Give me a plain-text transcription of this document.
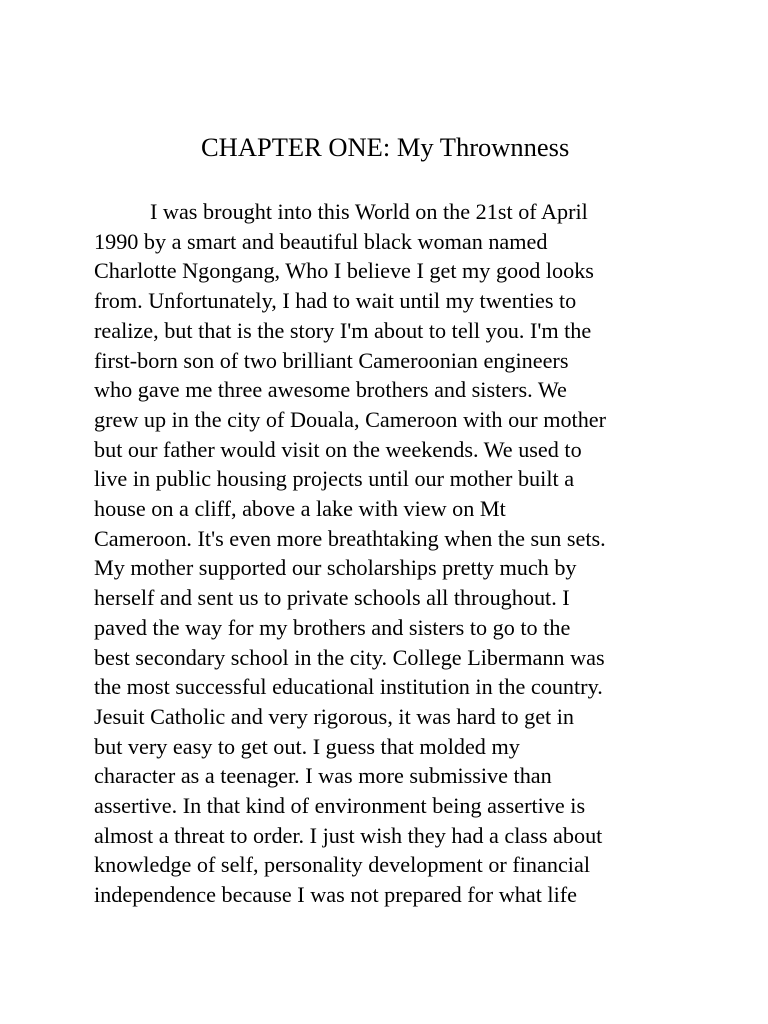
CHAPTER ONE: My Thrownness
I was brought into this World on the 21st of April
1990 by a smart and beautiful black woman named
Charlotte Ngongang, Who I believe I get my good looks
from. Unfortunately, I had to wait until my twenties to
realize, but that is the story I'm about to tell you. I'm the
first-born son of two brilliant Cameroonian engineers
who gave me three awesome brothers and sisters. We
grew up in the city of Douala, Cameroon with our mother
but our father would visit on the weekends. We used to
live in public housing projects until our mother built a
house on a cliff, above a lake with view on Mt
Cameroon. It's even more breathtaking when the sun sets.
My mother supported our scholarships pretty much by
herself and sent us to private schools all throughout. I
paved the way for my brothers and sisters to go to the
best secondary school in the city. College Libermann was
the most successful educational institution in the country.
Jesuit Catholic and very rigorous, it was hard to get in
but very easy to get out. I guess that molded my
character as a teenager. I was more submissive than
assertive. In that kind of environment being assertive is
almost a threat to order. I just wish they had a class about
knowledge of self, personality development or financial
independence because I was not prepared for what life
